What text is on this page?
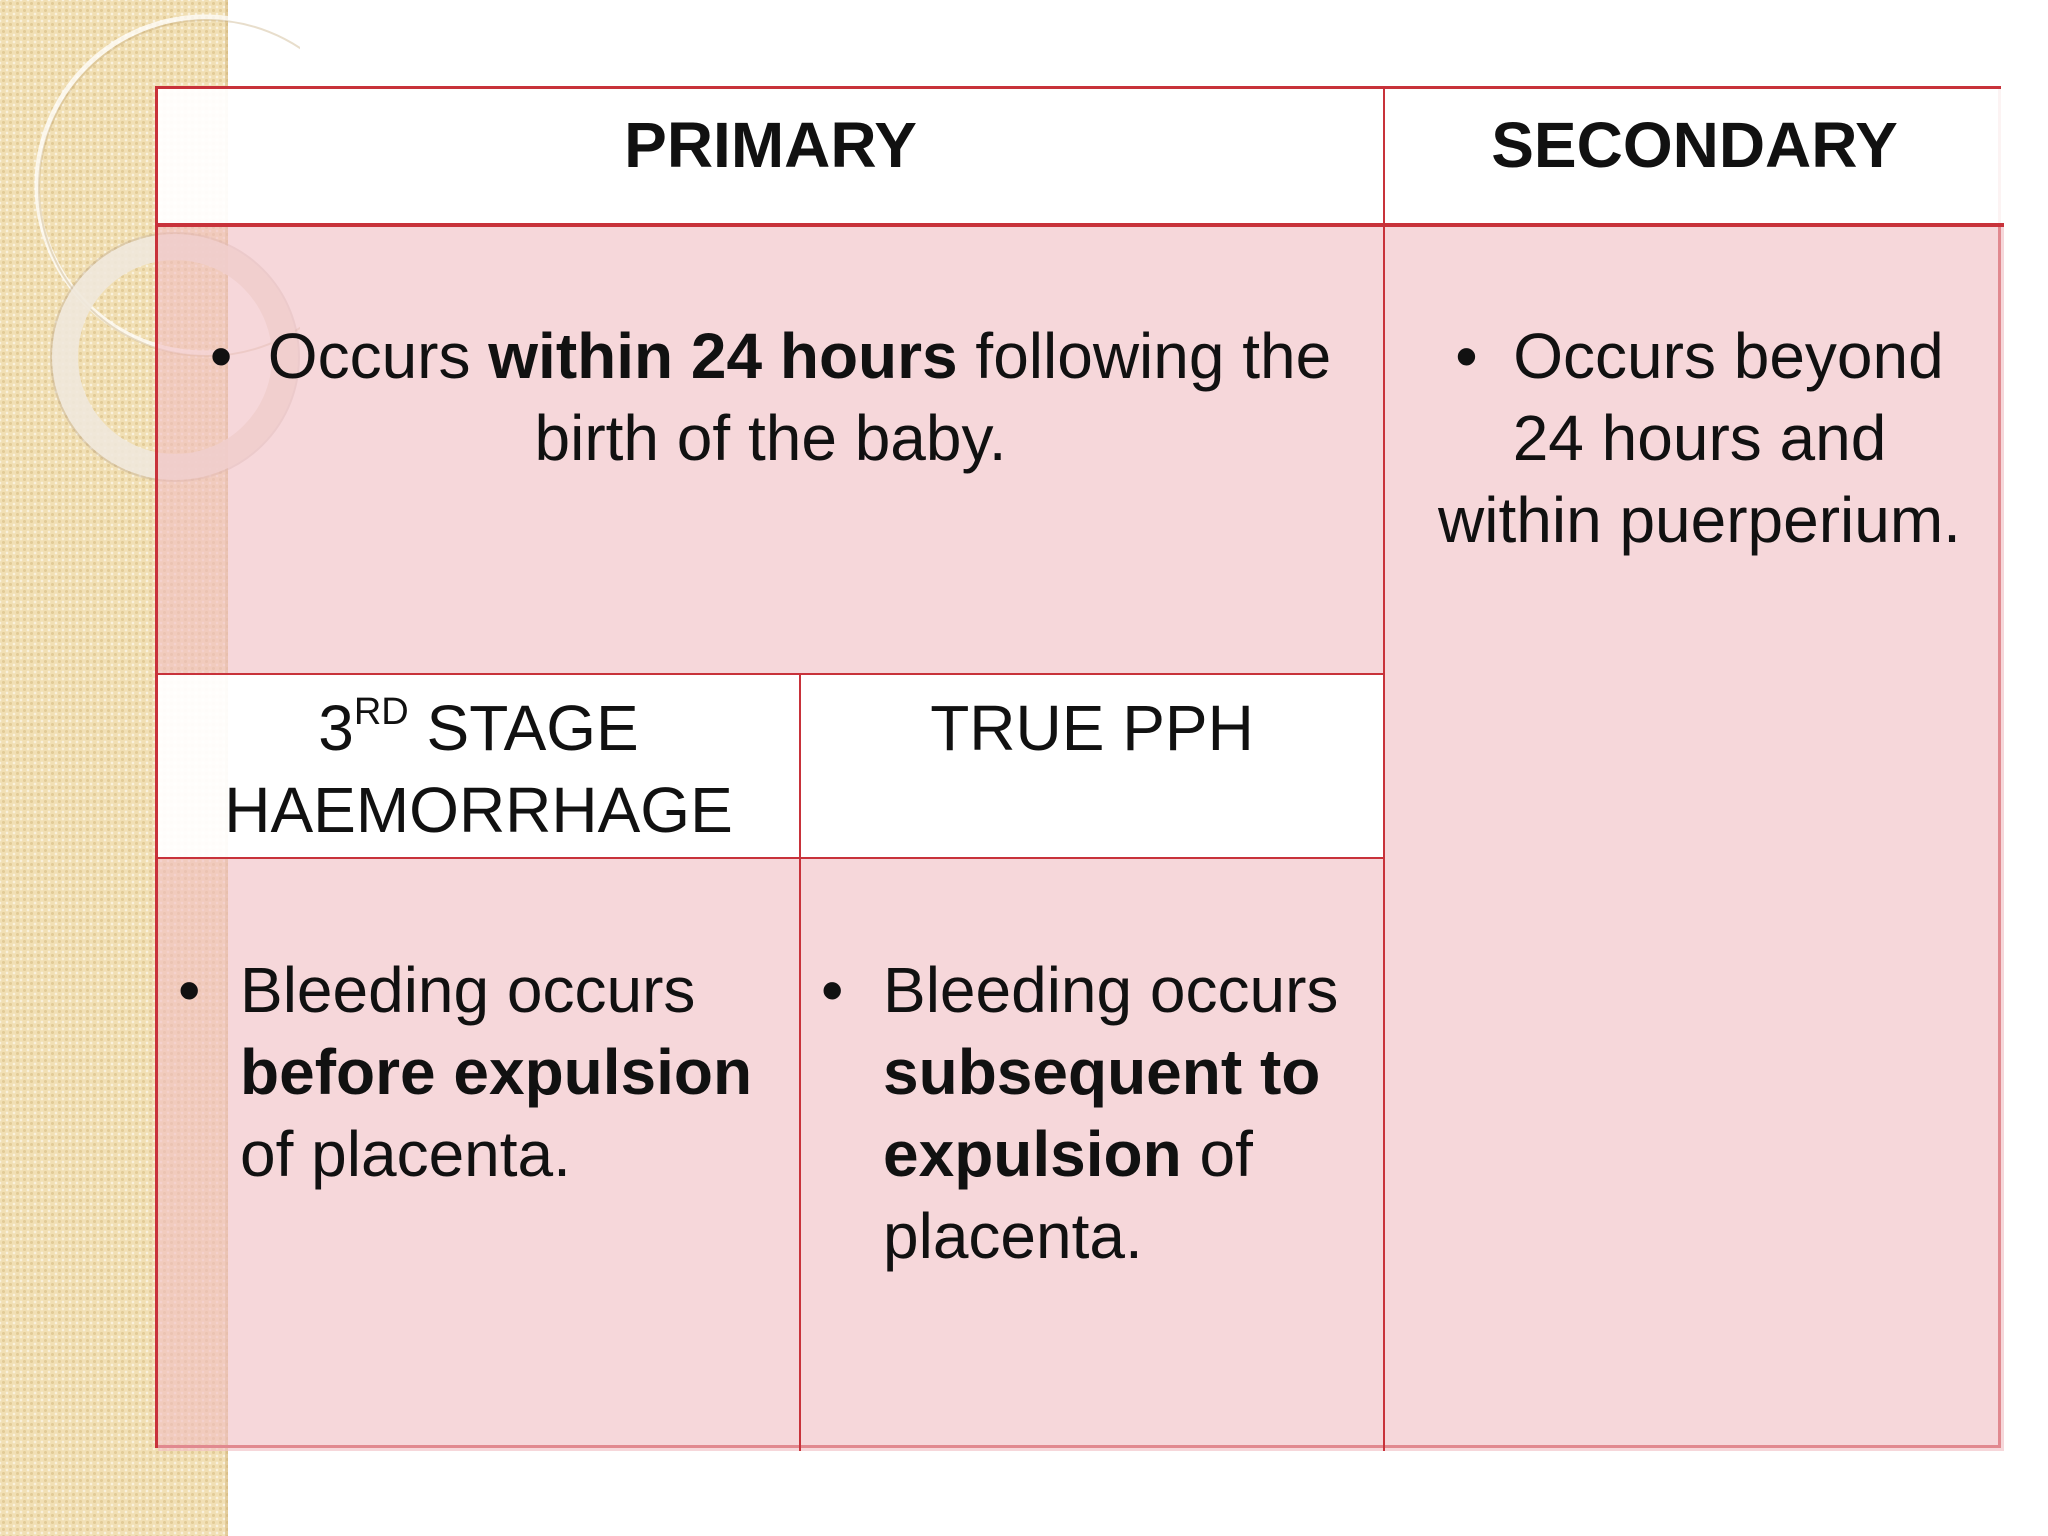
PRIMARY	SECONDARY
• Occurs within 24 hours following the birth of the baby.
• Occurs beyond 24 hours and within puerperium.
3RD STAGE HAEMORRHAGE
TRUE PPH
• Bleeding occurs before expulsion of placenta.
• Bleeding occurs subsequent to expulsion of placenta.
